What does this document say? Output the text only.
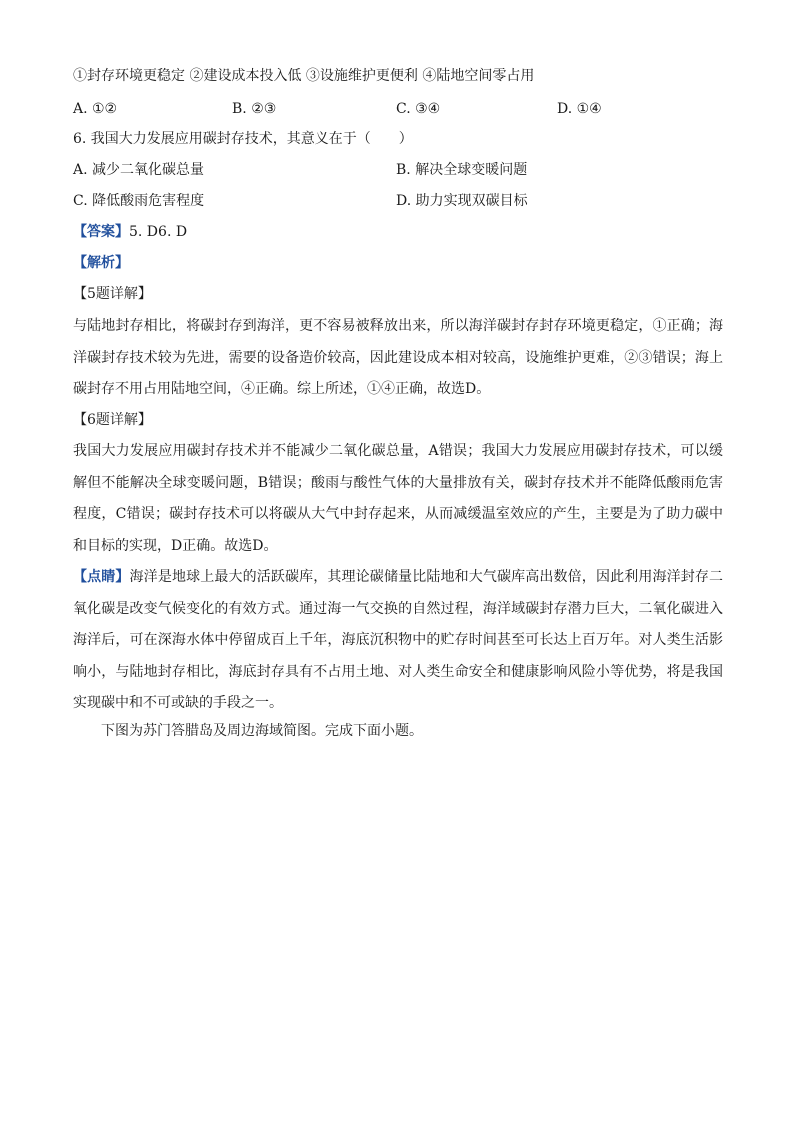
①封存环境更稳定 ②建设成本投入低 ③设施维护更便利 ④陆地空间零占用
A. ①②	B. ②③	C. ③④	D. ①④
6. 我国大力发展应用碳封存技术，其意义在于（　　）
A. 减少二氧化碳总量	B. 解决全球变暖问题
C. 降低酸雨危害程度	D. 助力实现双碳目标
【答案】5. D6. D
【解析】
【5题详解】
与陆地封存相比，将碳封存到海洋，更不容易被释放出来，所以海洋碳封存封存环境更稳定，①正确；海洋碳封存技术较为先进，需要的设备造价较高，因此建设成本相对较高，设施维护更难，②③错误；海上碳封存不用占用陆地空间，④正确。综上所述，①④正确，故选D。
【6题详解】
我国大力发展应用碳封存技术并不能减少二氧化碳总量，A错误；我国大力发展应用碳封存技术，可以缓解但不能解决全球变暖问题，B错误；酸雨与酸性气体的大量排放有关，碳封存技术并不能降低酸雨危害程度，C错误；碳封存技术可以将碳从大气中封存起来，从而减缓温室效应的产生，主要是为了助力碳中和目标的实现，D正确。故选D。
【点睛】海洋是地球上最大的活跃碳库，其理论碳储量比陆地和大气碳库高出数倍，因此利用海洋封存二氧化碳是改变气候变化的有效方式。通过海一气交换的自然过程，海洋域碳封存潜力巨大，二氧化碳进入海洋后，可在深海水体中停留成百上千年，海底沉积物中的贮存时间甚至可长达上百万年。对人类生活影响小，与陆地封存相比，海底封存具有不占用土地、对人类生命安全和健康影响风险小等优势，将是我国实现碳中和不可或缺的手段之一。
下图为苏门答腊岛及周边海域简图。完成下面小题。
